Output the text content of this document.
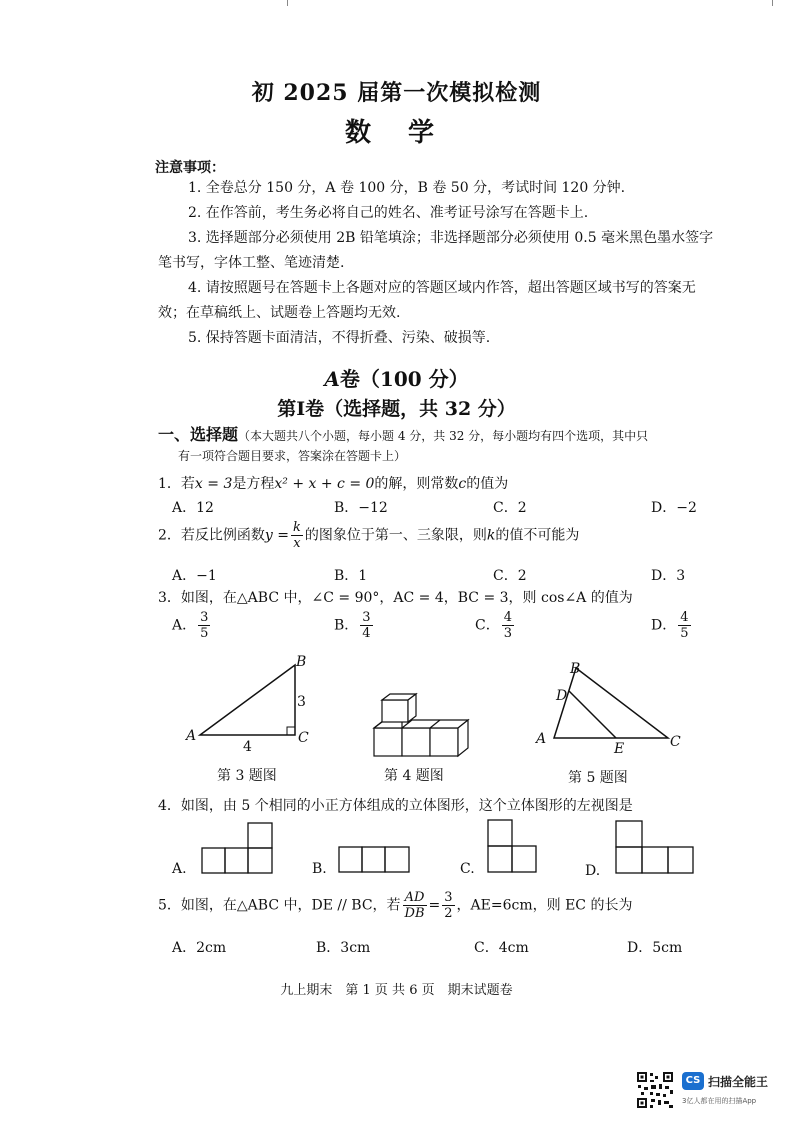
初 2025 届第一次模拟检测
数 学
注意事项：
1. 全卷总分 150 分，A 卷 100 分，B 卷 50 分，考试时间 120 分钟.
2. 在作答前，考生务必将自己的姓名、准考证号涂写在答题卡上.
3. 选择题部分必须使用 2B 铅笔填涂；非选择题部分必须使用 0.5 毫米黑色墨水签字
笔书写，字体工整、笔迹清楚.
4. 请按照题号在答题卡上各题对应的答题区域内作答，超出答题区域书写的答案无
效；在草稿纸上、试题卷上答题均无效.
5. 保持答题卡面清洁，不得折叠、污染、破损等.
A卷（100 分）
第Ⅰ卷（选择题，共 32 分）
一、选择题（本大题共八个小题，每小题 4 分，共 32 分，每小题均有四个选项，其中只
有一项符合题目要求，答案涂在答题卡上）
1．若x = 3是方程x² + x + c = 0的解，则常数c的值为
A．12	B．−12	C．2	D．−2
2．若反比例函数$y = \frac{k}{x}$ 的图象位于第一、三象限，则k的值不可能为
A．−1	B．1	C．2	D．3
3．如图，在△ABC 中，∠C = 90°，AC = 4，BC = 3，则 cos∠A 的值为
A． $\frac{3}{5}$	B． $\frac{3}{4}$	C． $\frac{4}{3}$	D． $\frac{4}{5}$
B
3
A	C
4
第 3 题图	第 4 题图
B
D
A
E	C
第 5 题图
4．如图，由 5 个相同的小正方体组成的立体图形，这个立体图形的左视图是
A.	B.	C.	D.
5．如图，在△ABC 中，DE // BC，若 $\frac{AD}{DB} = \frac{3}{2}$ ，AE=6cm，则 EC 的长为
A．2cm	B．3cm	C．4cm	D．5cm
九上期末　第 1 页 共 6 页　期末试题卷
CS 扫描全能王
3亿人都在用的扫描App
